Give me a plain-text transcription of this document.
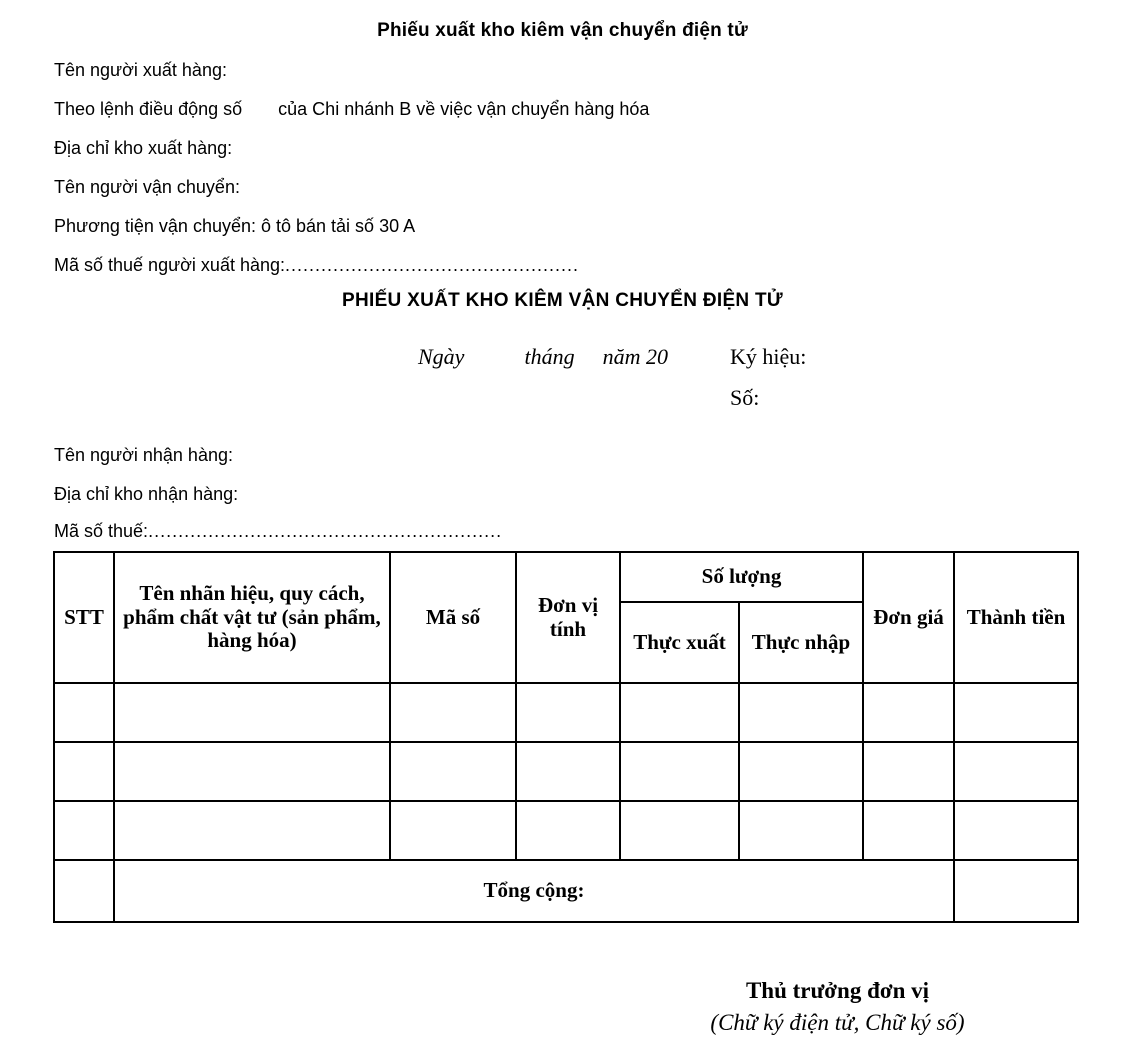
Phiếu xuất kho kiêm vận chuyển điện tử
Tên người xuất hàng:
Theo lệnh điều động số của Chi nhánh B về việc vận chuyển hàng hóa
Địa chỉ kho xuất hàng:
Tên người vận chuyển:
Phương tiện vận chuyển: ô tô bán tải số 30 A
Mã số thuế người xuất hàng:.................................................
PHIẾU XUẤT KHO KIÊM VẬN CHUYỂN ĐIỆN TỬ
Ngày	tháng năm 20	Ký hiệu:
Số:
Tên người nhận hàng:
Địa chỉ kho nhận hàng:
Mã số thuế:...........................................................
STT	Tên nhãn hiệu, quy cách, phẩm chất vật tư (sản phẩm, hàng hóa)	Mã số	Đơn vị tính	Số lượng		Đơn giá	Thành tiền
				Thực xuất	Thực nhập		

	Tổng cộng:						
Thủ trưởng đơn vị
(Chữ ký điện tử, Chữ ký số)
